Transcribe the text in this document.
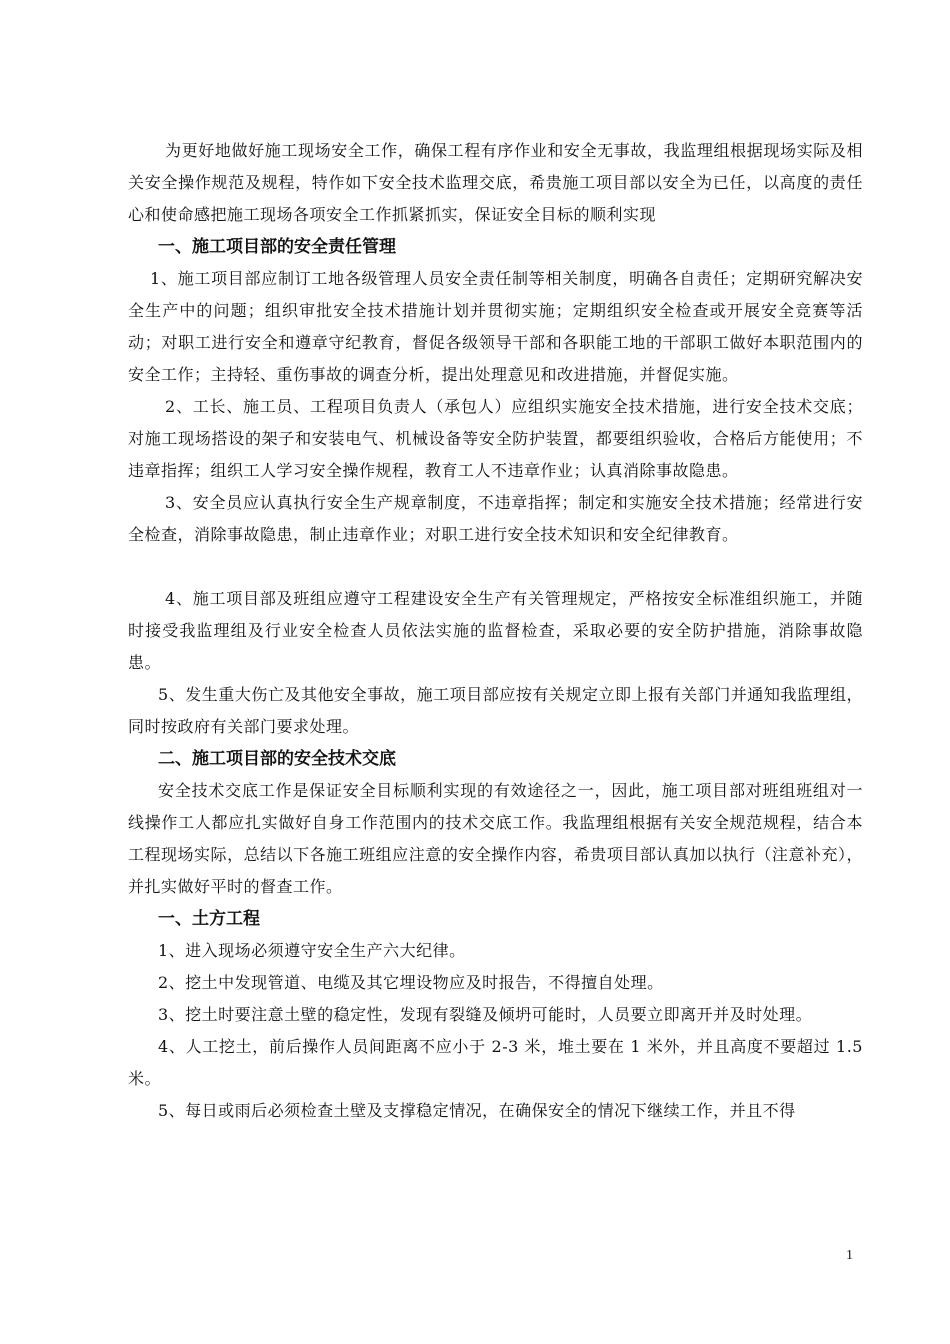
为更好地做好施工现场安全工作，确保工程有序作业和安全无事故，我监理组根据现场实际及相关安全操作规范及规程，特作如下安全技术监理交底，希贵施工项目部以安全为已任，以高度的责任心和使命感把施工现场各项安全工作抓紧抓实，保证安全目标的顺利实现

一、施工项目部的安全责任管理

1、施工项目部应制订工地各级管理人员安全责任制等相关制度，明确各自责任；定期研究解决安全生产中的问题；组织审批安全技术措施计划并贯彻实施；定期组织安全检查或开展安全竞赛等活动；对职工进行安全和遵章守纪教育，督促各级领导干部和各职能工地的干部职工做好本职范围内的安全工作；主持轻、重伤事故的调查分析，提出处理意见和改进措施，并督促实施。

2、工长、施工员、工程项目负责人（承包人）应组织实施安全技术措施，进行安全技术交底；对施工现场搭设的架子和安装电气、机械设备等安全防护装置，都要组织验收，合格后方能使用；不违章指挥；组织工人学习安全操作规程，教育工人不违章作业；认真消除事故隐患。

3、安全员应认真执行安全生产规章制度，不违章指挥；制定和实施安全技术措施；经常进行安全检查，消除事故隐患，制止违章作业；对职工进行安全技术知识和安全纪律教育。

4、施工项目部及班组应遵守工程建设安全生产有关管理规定，严格按安全标准组织施工，并随时接受我监理组及行业安全检查人员依法实施的监督检查，采取必要的安全防护措施，消除事故隐患。

5、发生重大伤亡及其他安全事故，施工项目部应按有关规定立即上报有关部门并通知我监理组，同时按政府有关部门要求处理。

二、施工项目部的安全技术交底

安全技术交底工作是保证安全目标顺利实现的有效途径之一，因此，施工项目部对班组班组对一线操作工人都应扎实做好自身工作范围内的技术交底工作。我监理组根据有关安全规范规程，结合本工程现场实际，总结以下各施工班组应注意的安全操作内容，希贵项目部认真加以执行（注意补充），并扎实做好平时的督查工作。

一、土方工程

1、进入现场必须遵守安全生产六大纪律。

2、挖土中发现管道、电缆及其它埋设物应及时报告，不得擅自处理。

3、挖土时要注意土壁的稳定性，发现有裂缝及倾坍可能时，人员要立即离开并及时处理。

4、人工挖土，前后操作人员间距离不应小于 2-3 米，堆土要在 1 米外，并且高度不要超过 1.5 米。

5、每日或雨后必须检查土壁及支撑稳定情况，在确保安全的情况下继续工作，并且不得

1
